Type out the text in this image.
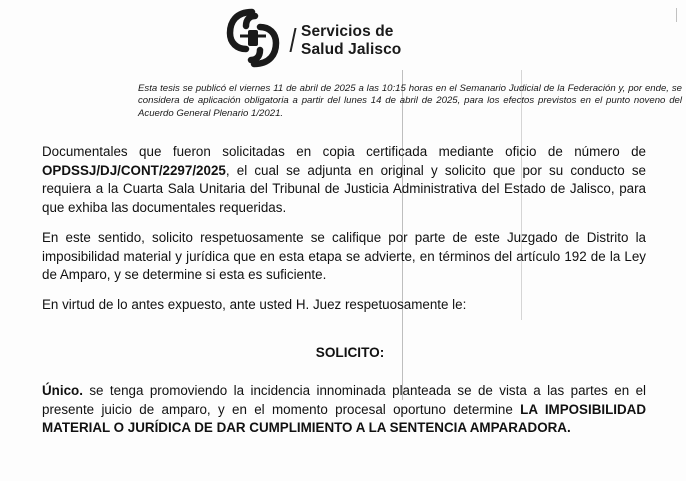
Servicios de
Salud Jalisco
Esta tesis se publicó el viernes 11 de abril de 2025 a las 10:15 horas en el Semanario Judicial de la Federación y, por ende, se considera de aplicación obligatoria a partir del lunes 14 de abril de 2025, para los efectos previstos en el punto noveno del Acuerdo General Plenario 1/2021.
Documentales que fueron solicitadas en copia certificada mediante oficio de número de OPDSSJ/DJ/CONT/2297/2025, el cual se adjunta en original y solicito que por su conducto se requiera a la Cuarta Sala Unitaria del Tribunal de Justicia Administrativa del Estado de Jalisco, para que exhiba las documentales requeridas.
En este sentido, solicito respetuosamente se califique por parte de este Juzgado de Distrito la imposibilidad material y jurídica que en esta etapa se advierte, en términos del artículo 192 de la Ley de Amparo, y se determine si esta es suficiente.
En virtud de lo antes expuesto, ante usted H. Juez respetuosamente le:
SOLICITO:
Único. se tenga promoviendo la incidencia innominada planteada se de vista a las partes en el presente juicio de amparo, y en el momento procesal oportuno determine LA IMPOSIBILIDAD MATERIAL O JURÍDICA DE DAR CUMPLIMIENTO A LA SENTENCIA AMPARADORA.
